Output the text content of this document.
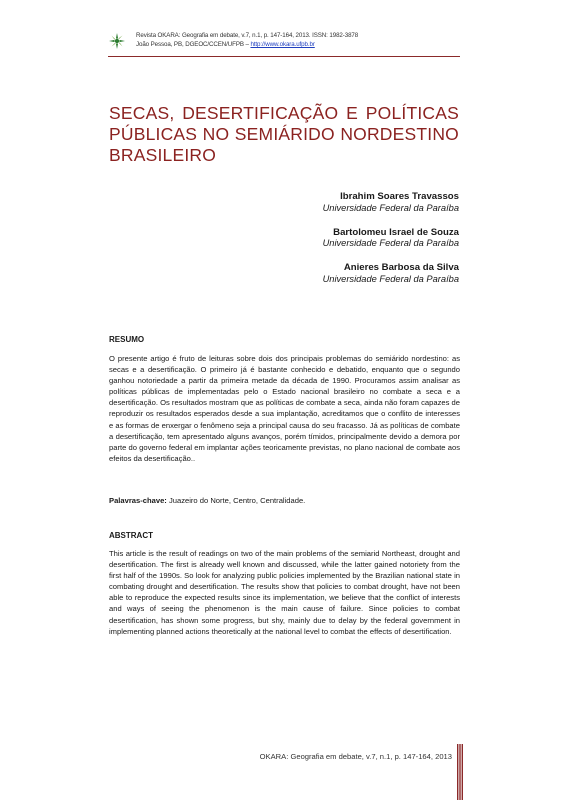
Revista OKARA: Geografia em debate, v.7, n.1, p. 147-164, 2013. ISSN: 1982-3878
João Pessoa, PB, DGEOC/CCEN/UFPB – http://www.okara.ufpb.br
SECAS, DESERTIFICAÇÃO E POLÍTICAS PÚBLICAS NO SEMIÁRIDO NORDESTINO BRASILEIRO
Ibrahim Soares Travassos
Universidade Federal da Paraíba
Bartolomeu Israel de Souza
Universidade Federal da Paraíba
Anieres Barbosa da Silva
Universidade Federal da Paraíba
RESUMO
O presente artigo é fruto de leituras sobre dois dos principais problemas do semiárido nordestino: as secas e a desertificação. O primeiro já é bastante conhecido e debatido, enquanto que o segundo ganhou notoriedade a partir da primeira metade da década de 1990. Procuramos assim analisar as políticas públicas de implementadas pelo o Estado nacional brasileiro no combate a seca e a desertificação. Os resultados mostram que as políticas de combate a seca, ainda não foram capazes de reproduzir os resultados esperados desde a sua implantação, acreditamos que o conflito de interesses e as formas de enxergar o fenômeno seja a principal causa do seu fracasso. Já as políticas de combate a desertificação, tem apresentado alguns avanços, porém tímidos, principalmente devido a demora por parte do governo federal em implantar ações teoricamente previstas, no plano nacional de combate aos efeitos da desertificação..
Palavras-chave: Juazeiro do Norte, Centro, Centralidade.
ABSTRACT
This article is the result of readings on two of the main problems of the semiarid Northeast, drought and desertification. The first is already well known and discussed, while the latter gained notoriety from the first half of the 1990s. So look for analyzing public policies implemented by the Brazilian national state in combating drought and desertification. The results show that policies to combat drought, have not been able to reproduce the expected results since its implementation, we believe that the conflict of interests and ways of seeing the phenomenon is the main cause of failure. Since policies to combat desertification, has shown some progress, but shy, mainly due to delay by the federal government in implementing planned actions theoretically at the national level to combat the effects of desertification.
OKARA: Geografia em debate, v.7, n.1, p. 147-164, 2013
